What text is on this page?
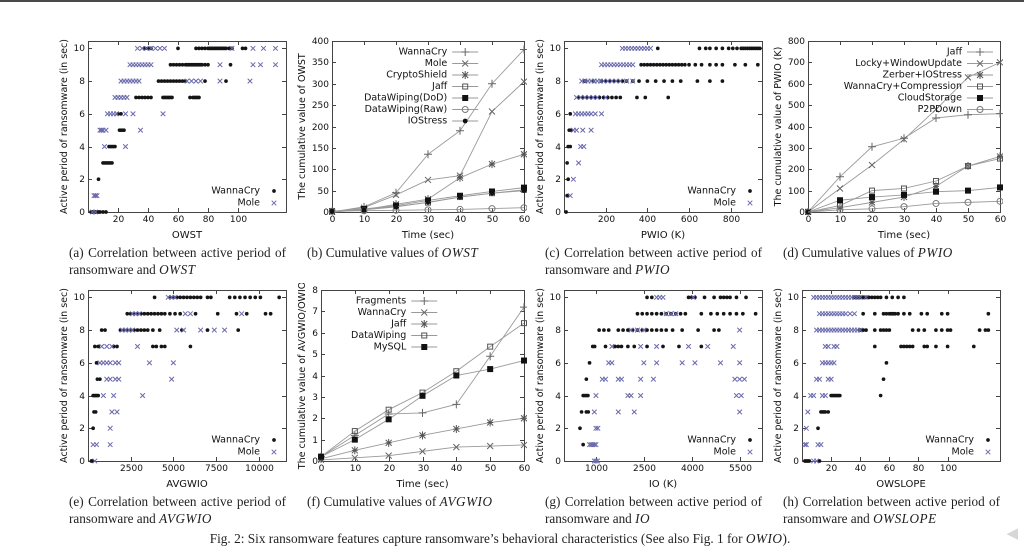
(a) Correlation between active period of ransomware and OWST
(b) Cumulative values of OWST	(c) Correlation between active period of ransomware and PWIO
(d) Cumulative values of PWIO
(e) Correlation between active period of ransomware and AVGWIO
(f) Cumulative values of AVGWIO	(g) Correlation between active period of ransomware and IO
(h) Correlation between active period of ransomware and OWSLOPE
Fig. 2: Six ransomware features capture ransomware’s behavioral characteristics (See also Fig. 1 for OWIO).	◀
